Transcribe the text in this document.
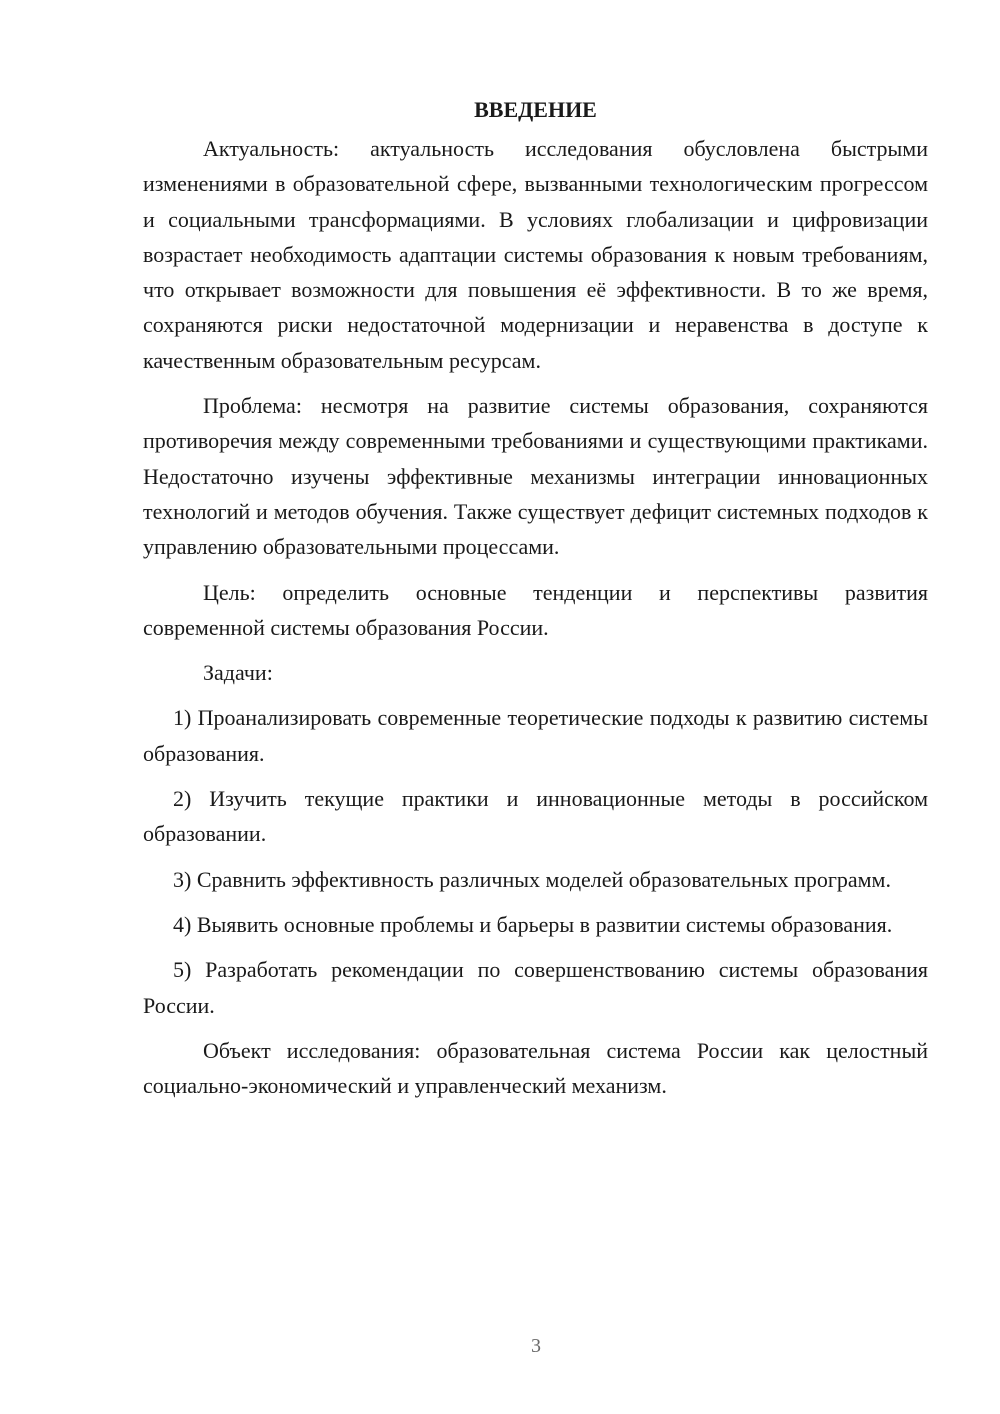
ВВЕДЕНИЕ

Актуальность: актуальность исследования обусловлена быстрыми изменениями в образовательной сфере, вызванными технологическим прогрессом и социальными трансформациями. В условиях глобализации и цифровизации возрастает необходимость адаптации системы образования к новым требованиям, что открывает возможности для повышения её эффективности. В то же время, сохраняются риски недостаточной модернизации и неравенства в доступе к качественным образовательным ресурсам.

Проблема: несмотря на развитие системы образования, сохраняются противоречия между современными требованиями и существующими практиками. Недостаточно изучены эффективные механизмы интеграции инновационных технологий и методов обучения. Также существует дефицит системных подходов к управлению образовательными процессами.

Цель: определить основные тенденции и перспективы развития современной системы образования России.

Задачи:

1) Проанализировать современные теоретические подходы к развитию системы образования.

2) Изучить текущие практики и инновационные методы в российском образовании.

3) Сравнить эффективность различных моделей образовательных программ.

4) Выявить основные проблемы и барьеры в развитии системы образования.

5) Разработать рекомендации по совершенствованию системы образования России.

Объект исследования: образовательная система России как целостный социально-экономический и управленческий механизм.

3
